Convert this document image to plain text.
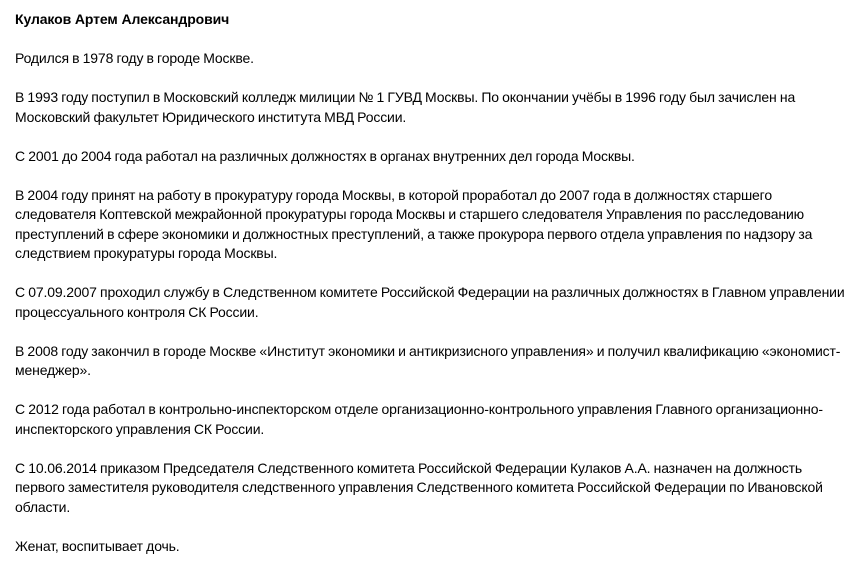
Кулаков Артем Александрович

Родился в 1978 году в городе Москве.

В 1993 году поступил в Московский колледж милиции № 1 ГУВД Москвы. По окончании учёбы в 1996 году был зачислен на Московский факультет Юридического института МВД России.

С 2001 до 2004 года работал на различных должностях в органах внутренних дел города Москвы.

В 2004 году принят на работу в прокуратуру города Москвы, в которой проработал до 2007 года в должностях старшего следователя Коптевской межрайонной прокуратуры города Москвы и старшего следователя Управления по расследованию преступлений в сфере экономики и должностных преступлений, а также прокурора первого отдела управления по надзору за следствием прокуратуры города Москвы.

С 07.09.2007 проходил службу в Следственном комитете Российской Федерации на различных должностях в Главном управлении процессуального контроля СК России.

В 2008 году закончил в городе Москве «Институт экономики и антикризисного управления» и получил квалификацию «экономист-менеджер».

С 2012 года работал в контрольно-инспекторском отделе организационно-контрольного управления Главного организационно-инспекторского управления СК России.

С 10.06.2014 приказом Председателя Следственного комитета Российской Федерации Кулаков А.А. назначен на должность первого заместителя руководителя следственного управления Следственного комитета Российской Федерации по Ивановской области.

Женат, воспитывает дочь.
